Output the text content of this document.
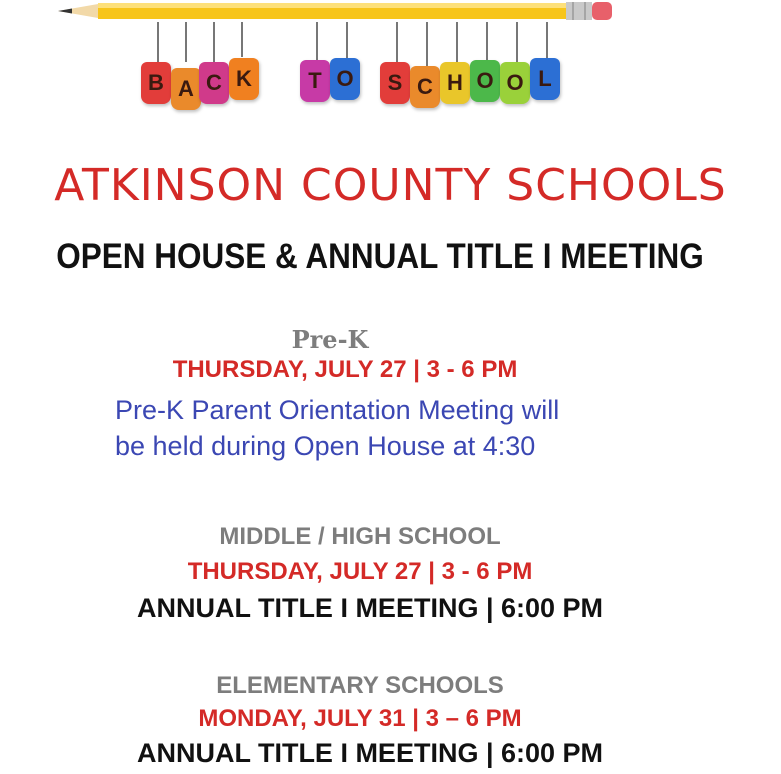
B A C K	T O	S C H O O L
ATKINSON COUNTY SCHOOLS
OPEN HOUSE & ANNUAL TITLE I MEETING
Pre-K
THURSDAY, JULY 27 | 3 - 6 PM
Pre-K Parent Orientation Meeting will
be held during Open House at 4:30
MIDDLE / HIGH SCHOOL
THURSDAY, JULY 27 | 3 - 6 PM
ANNUAL TITLE I MEETING | 6:00 PM
ELEMENTARY SCHOOLS
MONDAY, JULY 31 | 3 – 6 PM
ANNUAL TITLE I MEETING | 6:00 PM
